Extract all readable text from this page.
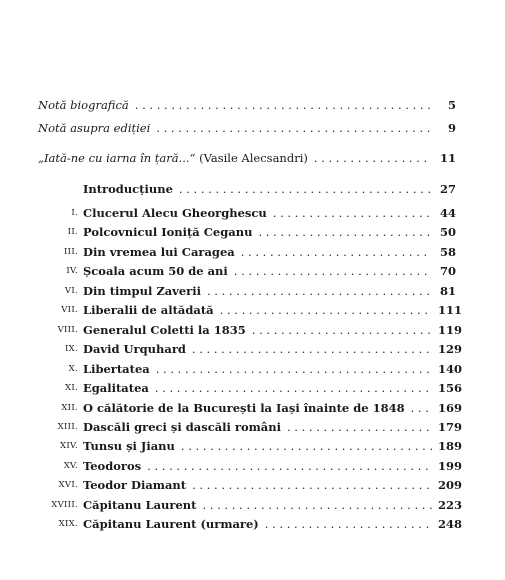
Notă biografică . . .	5
Notă asupra ediției . . .	9
„Iată-ne cu iarna în țară...“ (Vasile Alecsandri) . . .	11
Introducțiune . . .	27
I. Clucerul Alecu Gheorghescu . . .	44
II. Polcovnicul Ioniță Ceganu . . .	50
III. Din vremea lui Caragea . . .	58
IV. Școala acum 50 de ani . . .	70
VI. Din timpul Zaverii . . .	81
VII. Liberalii de altădată . . .	111
VIII. Generalul Coletti la 1835 . . .	119
IX. David Urquhard . . .	129
X. Libertatea . . .	140
XI. Egalitatea . . .	156
XII. O călătorie de la București la Iași înainte de 1848 . . .	169
XIII. Dascăli greci și dascăli români . . .	179
XIV. Tunsu și Jianu . . .	189
XV. Teodoros . . .	199
XVI. Teodor Diamant . . .	209
XVIII. Căpitanu Laurent . . .	223
XIX. Căpitanu Laurent (urmare) . . .	248
